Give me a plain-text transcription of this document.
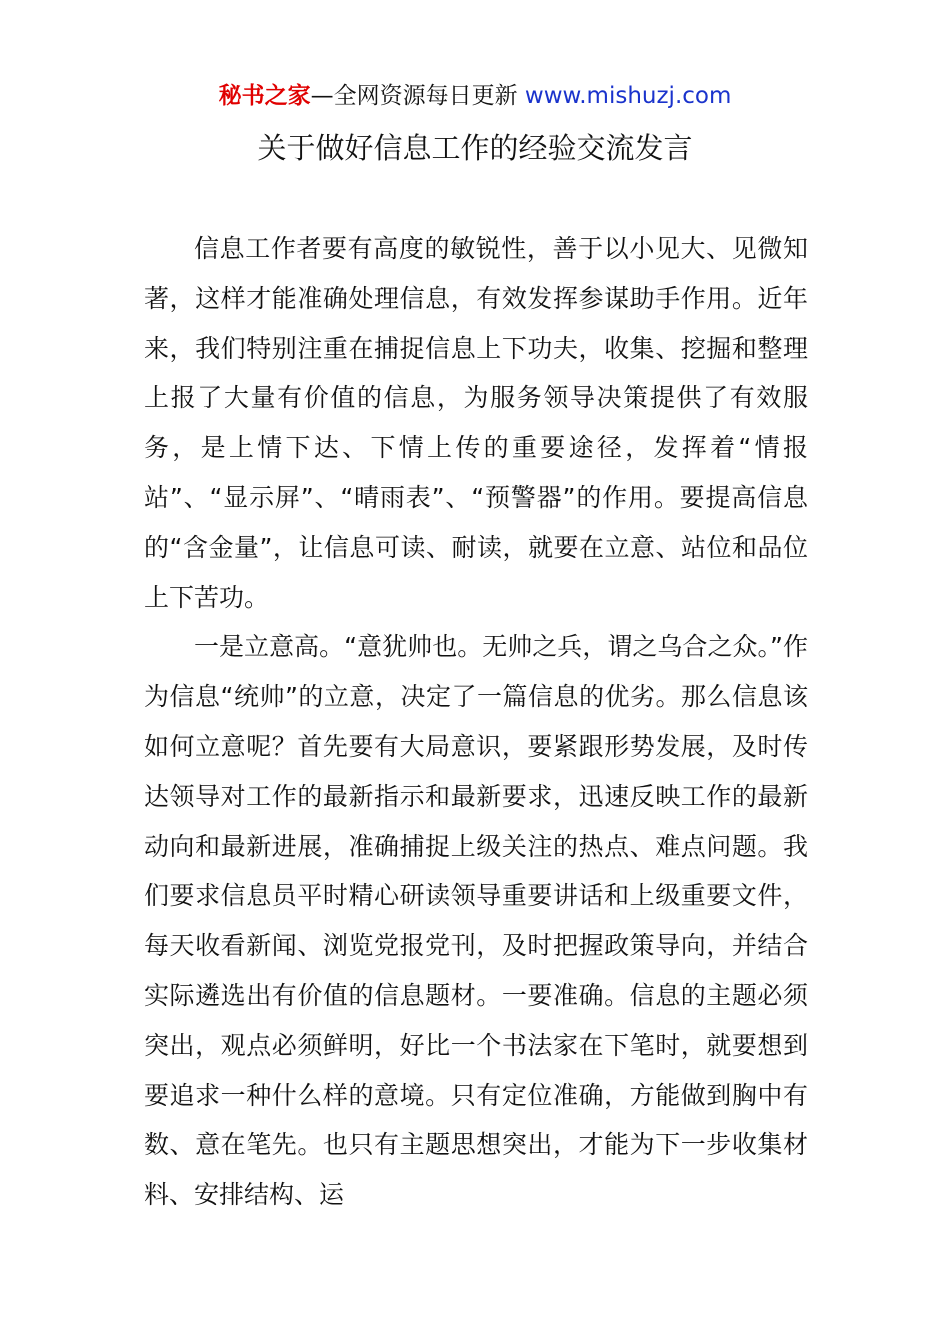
秘书之家—全网资源每日更新 www.mishuzj.com
关于做好信息工作的经验交流发言

信息工作者要有高度的敏锐性，善于以小见大、见微知著，这样才能准确处理信息，有效发挥参谋助手作用。近年来，我们特别注重在捕捉信息上下功夫，收集、挖掘和整理上报了大量有价值的信息，为服务领导决策提供了有效服务，是上情下达、下情上传的重要途径，发挥着“情报站”、“显示屏”、“晴雨表”、“预警器”的作用。要提高信息的“含金量”，让信息可读、耐读，就要在立意、站位和品位上下苦功。

一是立意高。“意犹帅也。无帅之兵，谓之乌合之众。”作为信息“统帅”的立意，决定了一篇信息的优劣。那么信息该如何立意呢？首先要有大局意识，要紧跟形势发展，及时传达领导对工作的最新指示和最新要求，迅速反映工作的最新动向和最新进展，准确捕捉上级关注的热点、难点问题。我们要求信息员平时精心研读领导重要讲话和上级重要文件，每天收看新闻、浏览党报党刊，及时把握政策导向，并结合实际遴选出有价值的信息题材。一要准确。信息的主题必须突出，观点必须鲜明，好比一个书法家在下笔时，就要想到要追求一种什么样的意境。只有定位准确，方能做到胸中有数、意在笔先。也只有主题思想突出，才能为下一步收集材料、安排结构、运
